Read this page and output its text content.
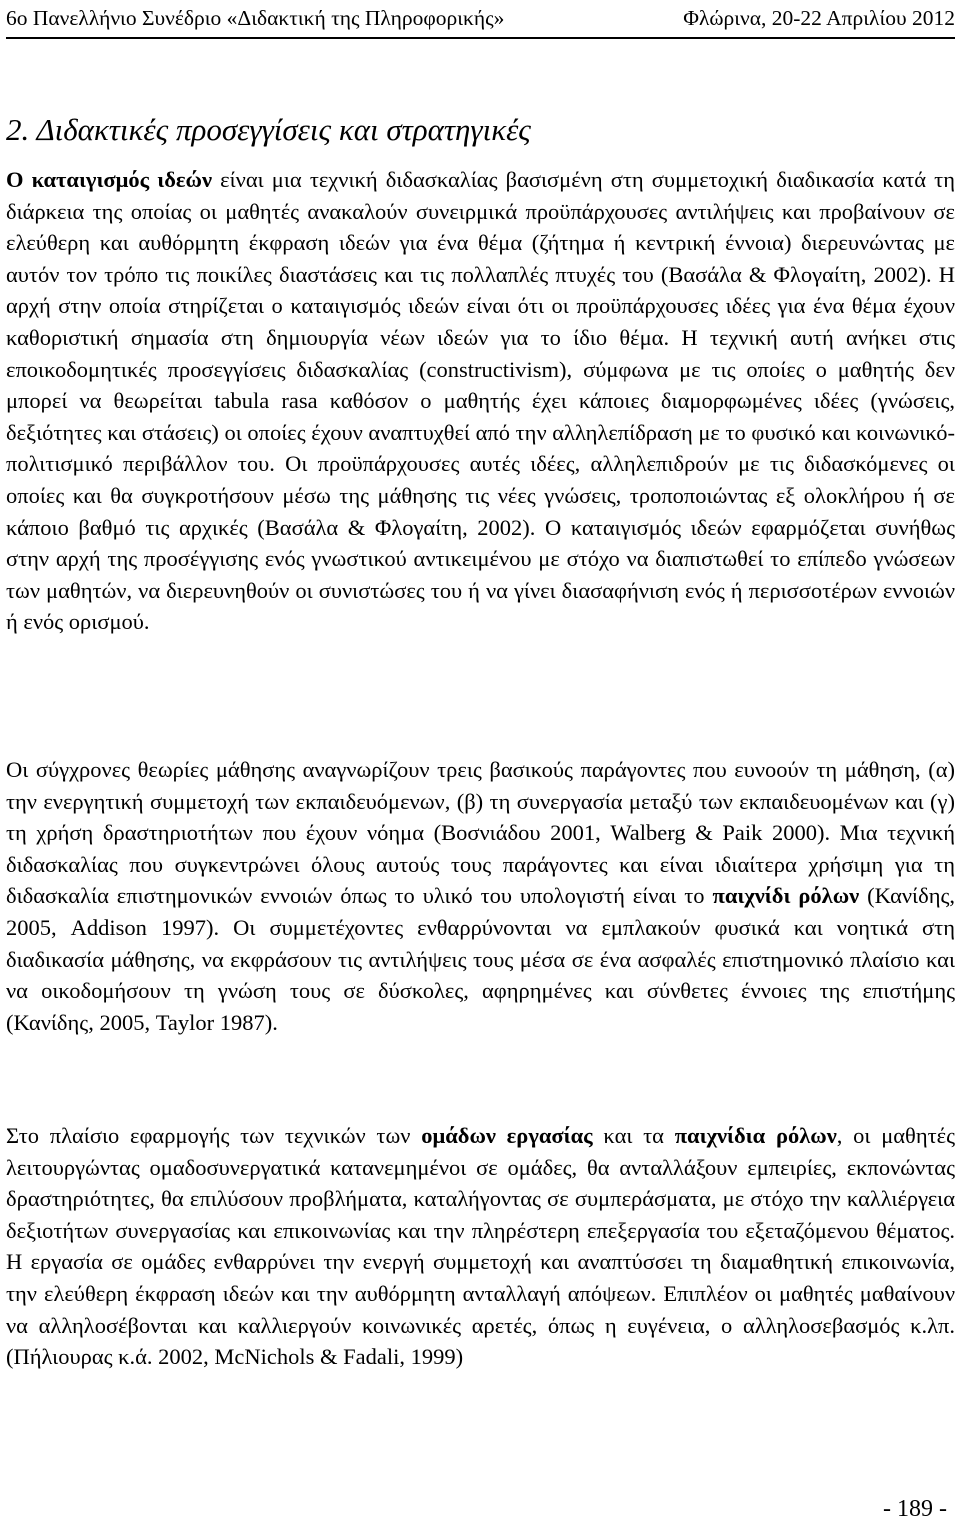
6ο Πανελλήνιο Συνέδριο «Διδακτική της Πληροφορικής»	Φλώρινα, 20-22 Απριλίου 2012
2. Διδακτικές προσεγγίσεις και στρατηγικές

Ο καταιγισμός ιδεών είναι μια τεχνική διδασκαλίας βασισμένη στη συμμετοχική διαδικασία κατά τη διάρκεια της οποίας οι μαθητές ανακαλούν συνειρμικά προϋπάρχουσες αντιλήψεις και προβαίνουν σε ελεύθερη και αυθόρμητη έκφραση ιδεών για ένα θέμα (ζήτημα ή κεντρική έννοια) διερευνώντας με αυτόν τον τρόπο τις ποικίλες διαστάσεις και τις πολλαπλές πτυχές του (Βασάλα & Φλογαίτη, 2002). Η αρχή στην οποία στηρίζεται ο καταιγισμός ιδεών είναι ότι οι προϋπάρχουσες ιδέες για ένα θέμα έχουν καθοριστική σημασία στη δημιουργία νέων ιδεών για το ίδιο θέμα. Η τεχνική αυτή ανήκει στις εποικοδομητικές προσεγγίσεις διδασκαλίας (constructivism), σύμφωνα με τις οποίες ο μαθητής δεν μπορεί να θεωρείται tabula rasa καθόσον ο μαθητής έχει κάποιες διαμορφωμένες ιδέες (γνώσεις, δεξιότητες και στάσεις) οι οποίες έχουν αναπτυχθεί από την αλληλεπίδραση με το φυσικό και κοινωνικό-πολιτισμικό περιβάλλον του. Οι προϋπάρχουσες αυτές ιδέες, αλληλεπιδρούν με τις διδασκόμενες οι οποίες και θα συγκροτήσουν μέσω της μάθησης τις νέες γνώσεις, τροποποιώντας εξ ολοκλήρου ή σε κάποιο βαθμό τις αρχικές (Βασάλα & Φλογαίτη, 2002). Ο καταιγισμός ιδεών εφαρμόζεται συνήθως στην αρχή της προσέγγισης ενός γνωστικού αντικειμένου με στόχο να διαπιστωθεί το επίπεδο γνώσεων των μαθητών, να διερευνηθούν οι συνιστώσες του ή να γίνει διασαφήνιση ενός ή περισσοτέρων εννοιών ή ενός ορισμού.

Οι σύγχρονες θεωρίες μάθησης αναγνωρίζουν τρεις βασικούς παράγοντες που ευνοούν τη μάθηση, (α) την ενεργητική συμμετοχή των εκπαιδευόμενων, (β) τη συνεργασία μεταξύ των εκπαιδευομένων και (γ) τη χρήση δραστηριοτήτων που έχουν νόημα (Βοσνιάδου 2001, Walberg & Paik 2000). Μια τεχνική διδασκαλίας που συγκεντρώνει όλους αυτούς τους παράγοντες και είναι ιδιαίτερα χρήσιμη για τη διδασκαλία επιστημονικών εννοιών όπως το υλικό του υπολογιστή είναι το παιχνίδι ρόλων (Κανίδης, 2005, Addison 1997). Οι συμμετέχοντες ενθαρρύνονται να εμπλακούν φυσικά και νοητικά στη διαδικασία μάθησης, να εκφράσουν τις αντιλήψεις τους μέσα σε ένα ασφαλές επιστημονικό πλαίσιο και να οικοδομήσουν τη γνώση τους σε δύσκολες, αφηρημένες και σύνθετες έννοιες της επιστήμης (Κανίδης, 2005, Taylor 1987).

Στο πλαίσιο εφαρμογής των τεχνικών των ομάδων εργασίας και τα παιχνίδια ρόλων, οι μαθητές λειτουργώντας ομαδοσυνεργατικά κατανεμημένοι σε ομάδες, θα ανταλλάξουν εμπειρίες, εκπονώντας δραστηριότητες, θα επιλύσουν προβλήματα, καταλήγοντας σε συμπεράσματα, με στόχο την καλλιέργεια δεξιοτήτων συνεργασίας και επικοινωνίας και την πληρέστερη επεξεργασία του εξεταζόμενου θέματος. Η εργασία σε ομάδες ενθαρρύνει την ενεργή συμμετοχή και αναπτύσσει τη διαμαθητική επικοινωνία, την ελεύθερη έκφραση ιδεών και την αυθόρμητη ανταλλαγή απόψεων. Επιπλέον οι μαθητές μαθαίνουν να αλληλοσέβονται και καλλιεργούν κοινωνικές αρετές, όπως η ευγένεια, ο αλληλοσεβασμός κ.λπ. (Πήλιουρας κ.ά. 2002, McNichols & Fadali, 1999)

- 189 -
